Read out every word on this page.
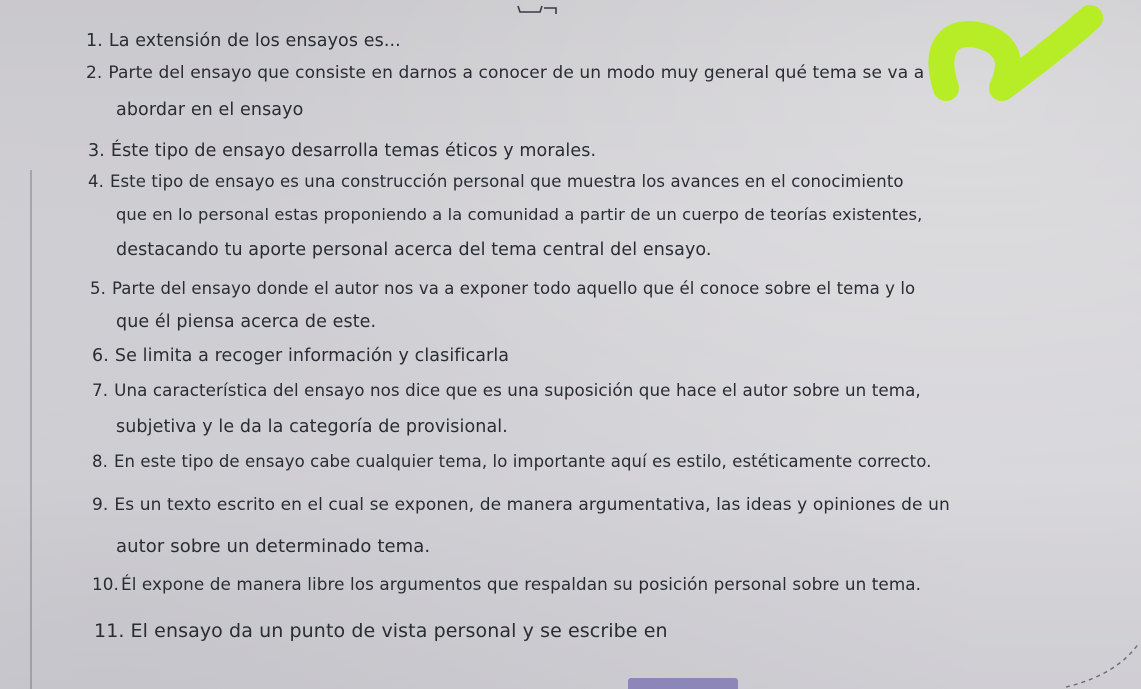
1. La extensión de los ensayos es...
2. Parte del ensayo que consiste en darnos a conocer de un modo muy general qué tema se va a
abordar en el ensayo
3. Éste tipo de ensayo desarrolla temas éticos y morales.
4. Este tipo de ensayo es una construcción personal que muestra los avances en el conocimiento
que en lo personal estas proponiendo a la comunidad a partir de un cuerpo de teorías existentes,
destacando tu aporte personal acerca del tema central del ensayo.
5. Parte del ensayo donde el autor nos va a exponer todo aquello que él conoce sobre el tema y lo
que él piensa acerca de este.
6. Se limita a recoger información y clasificarla
7. Una característica del ensayo nos dice que es una suposición que hace el autor sobre un tema,
subjetiva y le da la categoría de provisional.
8. En este tipo de ensayo cabe cualquier tema, lo importante aquí es estilo, estéticamente correcto.
9. Es un texto escrito en el cual se exponen, de manera argumentativa, las ideas y opiniones de un
autor sobre un determinado tema.
10. Él expone de manera libre los argumentos que respaldan su posición personal sobre un tema.
11. El ensayo da un punto de vista personal y se escribe en
